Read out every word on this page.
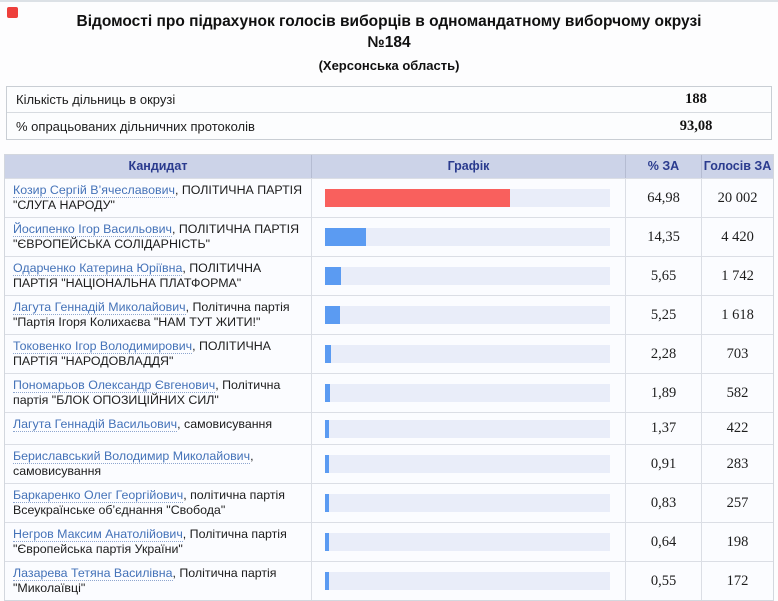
Відомості про підрахунок голосів виборців в одномандатному виборчому окрузі №184
(Херсонська область)
Кількість дільниць в окрузі	188
% опрацьованих дільничних протоколів	93,08
Кандидат	Графік	% ЗА	Голосів ЗА
Козир Сергій В’ячеславович, ПОЛІТИЧНА ПАРТІЯ "СЛУГА НАРОДУ"	64,98	20 002
Йосипенко Ігор Васильович, ПОЛІТИЧНА ПАРТІЯ "ЄВРОПЕЙСЬКА СОЛІДАРНІСТЬ"	14,35	4 420
Одарченко Катерина Юріївна, ПОЛІТИЧНА ПАРТІЯ "НАЦІОНАЛЬНА ПЛАТФОРМА"	5,65	1 742
Лагута Геннадій Миколайович, Політична партія "Партія Ігоря Колихаєва "НАМ ТУТ ЖИТИ!"	5,25	1 618
Токовенко Ігор Володимирович, ПОЛІТИЧНА ПАРТІЯ "НАРОДОВЛАДДЯ"	2,28	703
Пономарьов Олександр Євгенович, Політична партія "БЛОК ОПОЗИЦІЙНИХ СИЛ"	1,89	582
Лагута Геннадій Васильович, самовисування	1,37	422
Бериславський Володимир Миколайович, самовисування	0,91	283
Баркаренко Олег Георгійович, політична партія Всеукраїнське об’єднання "Свобода"	0,83	257
Негров Максим Анатолійович, Політична партія "Європейська партія України"	0,64	198
Лазарева Тетяна Василівна, Політична партія "Миколаївці"	0,55	172
